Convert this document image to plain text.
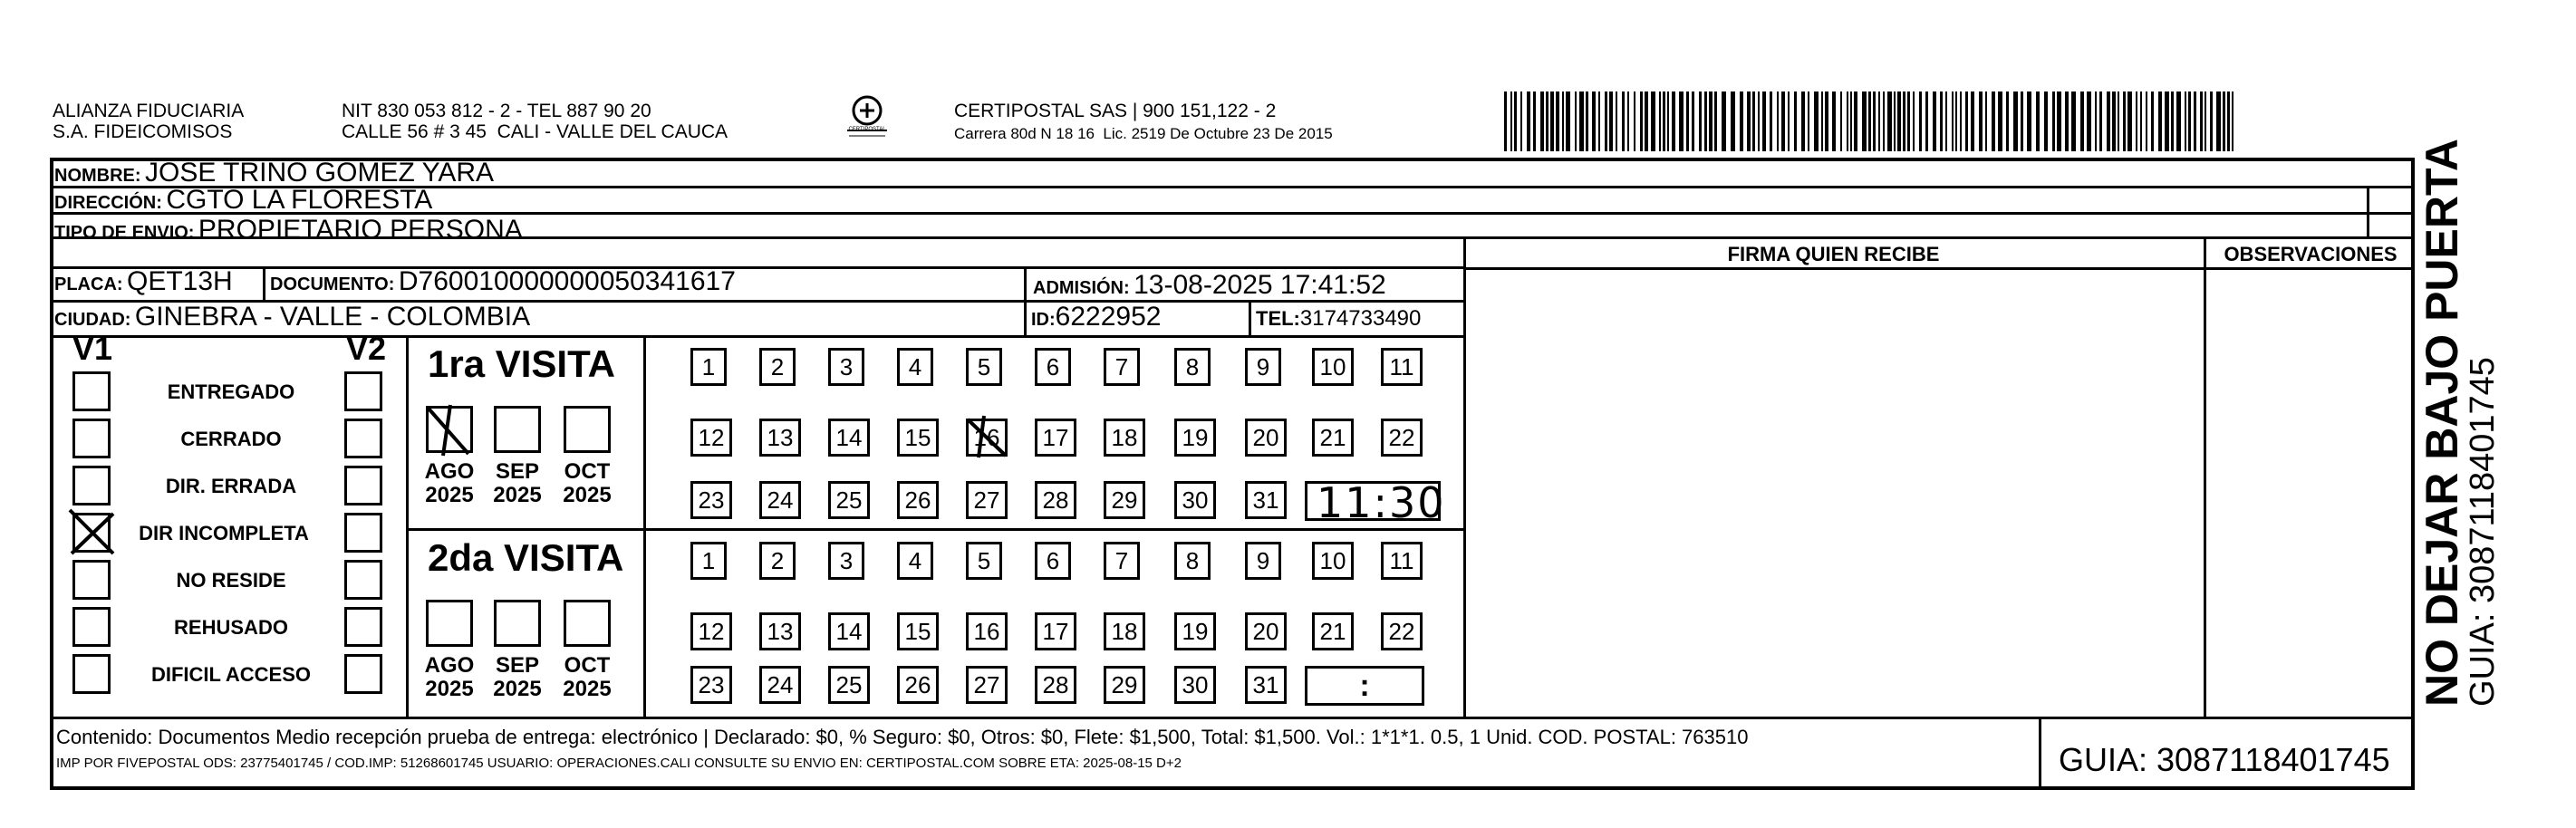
ALIANZA FIDUCIARIA
S.A. FIDEICOMISOS
NIT 830 053 812 - 2 - TEL 887 90 20
CALLE 56 # 3 45  CALI - VALLE DEL CAUCA	CERTIPOSTAL
CERTIPOSTAL SAS | 900 151,122 - 2
Carrera 80d N 18 16  Lic. 2519 De Octubre 23 De 2015
NOMBRE: JOSE TRINO GOMEZ YARA
DIRECCIÓN: CGTO LA FLORESTA
TIPO DE ENVIO: PROPIETARIO PERSONA
PLACA: QET13H DOCUMENTO: D760010000000050341617	ADMISIÓN: 13-08-2025 17:41:52
CIUDAD: GINEBRA - VALLE - COLOMBIA	ID:6222952	TEL:3174733490
FIRMA QUIEN RECIBE	OBSERVACIONES
V1	V2
ENTREGADO
CERRADO
DIR. ERRADA
DIR INCOMPLETA
NO RESIDE
REHUSADO
DIFICIL ACCESO
1ra VISITA
2da VISITA
AGO
2025
SEP
2025
OCT
2025
AGO
2025
SEP
2025
OCT
2025
1	2	3	4	5	6	7	8	9	10	11
12	13	14	15	16	17	18	19	20	21	22
23	24	25	26	27	28	29	30	31
1	2	3	4	5	6	7	8	9	10	11
12	13	14	15	16	17	18	19	20	21	22
23	24	25	26	27	28	29	30	31
11:30
:
Contenido: Documentos Medio recepción prueba de entrega: electrónico | Declarado: $0, % Seguro: $0, Otros: $0, Flete: $1,500, Total: $1,500. Vol.: 1*1*1. 0.5, 1 Unid. COD. POSTAL: 763510
IMP POR FIVEPOSTAL ODS: 23775401745 / COD.IMP: 51268601745 USUARIO: OPERACIONES.CALI CONSULTE SU ENVIO EN: CERTIPOSTAL.COM SOBRE ETA: 2025-08-15 D+2	GUIA: 3087118401745
NO DEJAR BAJO PUERTA
GUIA: 3087118401745
